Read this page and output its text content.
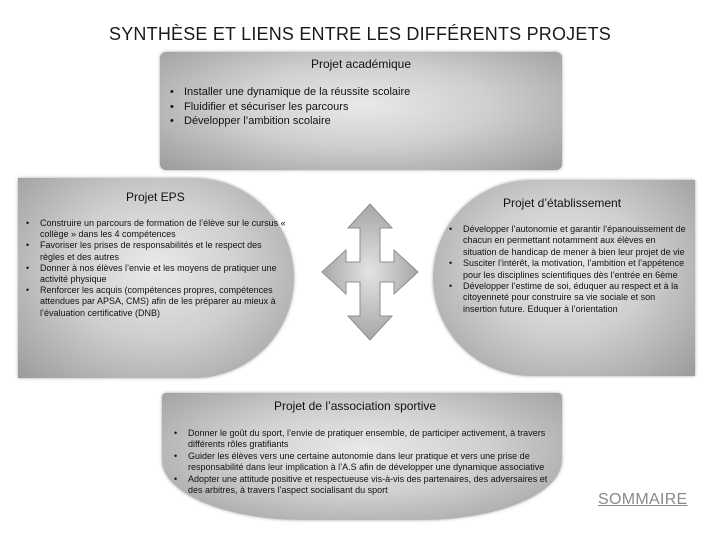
SYNTHÈSE ET LIENS ENTRE LES DIFFÉRENTS PROJETS
Projet académique
• Installer une dynamique de la réussite scolaire
• Fluidifier et sécuriser les parcours
• Développer l’ambition scolaire
Projet EPS
• Construire un parcours de formation de l’élève sur le cursus « collège » dans les 4 compétences
• Favoriser les prises de responsabilités et le respect des règles et des autres
• Donner à nos élèves l’envie et les moyens de pratiquer une activité physique
• Renforcer les acquis (compétences propres, compétences attendues par APSA, CMS) afin de les préparer au mieux à l’évaluation certificative (DNB)
Projet d’établissement
• Développer l’autonomie et garantir l’épanouissement de chacun en permettant notamment aux élèves en situation de handicap de mener à bien leur projet de vie
• Susciter l’intérêt, la motivation, l’ambition et l’appétence pour les disciplines scientifiques dès l’entrée en 6ème
• Développer l’estime de soi, éduquer au respect et à la citoyenneté pour construire sa vie sociale et son insertion future. Eduquer à l’orientation
Projet de l’association sportive
• Donner le goût du sport, l’envie de pratiquer ensemble, de participer activement, à travers différents rôles gratifiants
• Guider les élèves vers une certaine autonomie dans leur pratique et vers une prise de responsabilité dans leur implication à l’A.S afin de développer une dynamique associative
• Adopter une attitude positive et respectueuse vis-à-vis des partenaires, des adversaires et des arbitres, à travers l’aspect socialisant du sport
SOMMAIRE
